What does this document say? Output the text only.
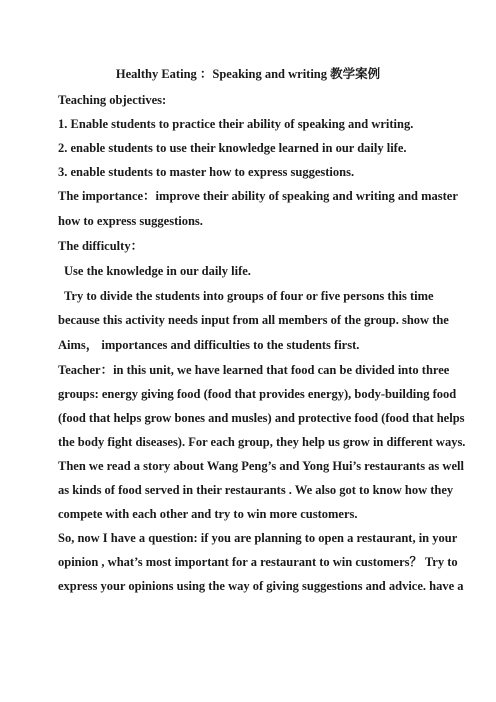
Healthy Eating ：Speaking and writing 教学案例
Teaching objectives:
1. Enable students to practice their ability of speaking and writing.
2. enable students to use their knowledge learned in our daily life.
3. enable students to master how to express suggestions.
The importance：improve their ability of speaking and writing and master
how to express suggestions.
The difficulty：
Use the knowledge in our daily life.
Try to divide the students into groups of four or five persons this time
because this activity needs input from all members of the group. show the
Aims， importances and difficulties to the students first.
Teacher：in this unit, we have learned that food can be divided into three
groups: energy giving food (food that provides energy), body-building food
(food that helps grow bones and musles) and protective food (food that helps
the body fight diseases). For each group, they help us grow in different ways.
Then we read a story about Wang Peng’s and Yong Hui’s restaurants as well
as kinds of food served in their restaurants . We also got to know how they
compete with each other and try to win more customers.
So, now I have a question: if you are planning to open a restaurant, in your
opinion , what’s most important for a restaurant to win customers？ Try to
express your opinions using the way of giving suggestions and advice. have a
